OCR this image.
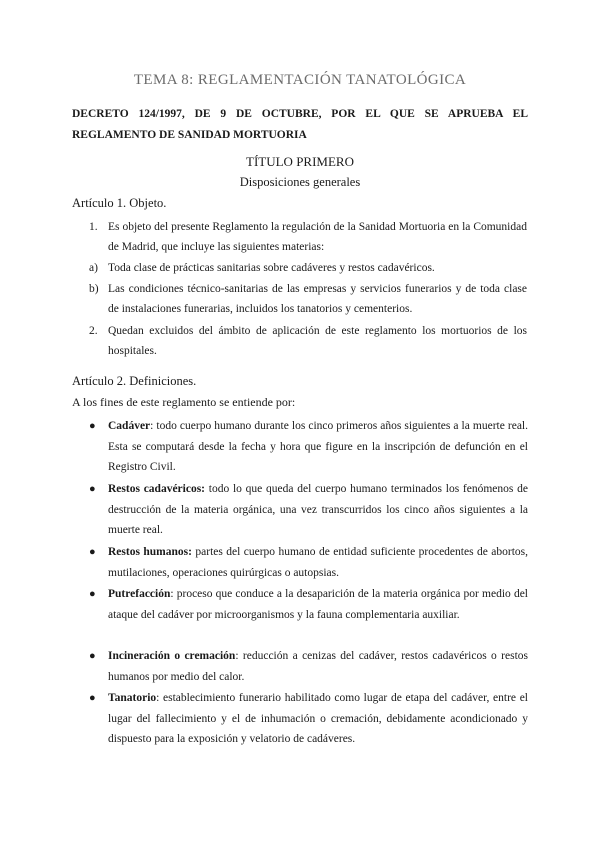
TEMA 8: REGLAMENTACIÓN TANATOLÓGICA
DECRETO 124/1997, DE 9 DE OCTUBRE, POR EL QUE SE APRUEBA EL REGLAMENTO DE SANIDAD MORTUORIA
TÍTULO PRIMERO
Disposiciones generales
Artículo 1. Objeto.
1. Es objeto del presente Reglamento la regulación de la Sanidad Mortuoria en la Comunidad de Madrid, que incluye las siguientes materias:
a) Toda clase de prácticas sanitarias sobre cadáveres y restos cadavéricos.
b) Las condiciones técnico-sanitarias de las empresas y servicios funerarios y de toda clase de instalaciones funerarias, incluidos los tanatorios y cementerios.
2. Quedan excluidos del ámbito de aplicación de este reglamento los mortuorios de los hospitales.
Artículo 2. Definiciones.
A los fines de este reglamento se entiende por:
● Cadáver: todo cuerpo humano durante los cinco primeros años siguientes a la muerte real. Esta se computará desde la fecha y hora que figure en la inscripción de defunción en el Registro Civil.
● Restos cadavéricos: todo lo que queda del cuerpo humano terminados los fenómenos de destrucción de la materia orgánica, una vez transcurridos los cinco años siguientes a la muerte real.
● Restos humanos: partes del cuerpo humano de entidad suficiente procedentes de abortos, mutilaciones, operaciones quirúrgicas o autopsias.
● Putrefacción: proceso que conduce a la desaparición de la materia orgánica por medio del ataque del cadáver por microorganismos y la fauna complementaria auxiliar.
● Incineración o cremación: reducción a cenizas del cadáver, restos cadavéricos o restos humanos por medio del calor.
● Tanatorio: establecimiento funerario habilitado como lugar de etapa del cadáver, entre el lugar del fallecimiento y el de inhumación o cremación, debidamente acondicionado y dispuesto para la exposición y velatorio de cadáveres.
